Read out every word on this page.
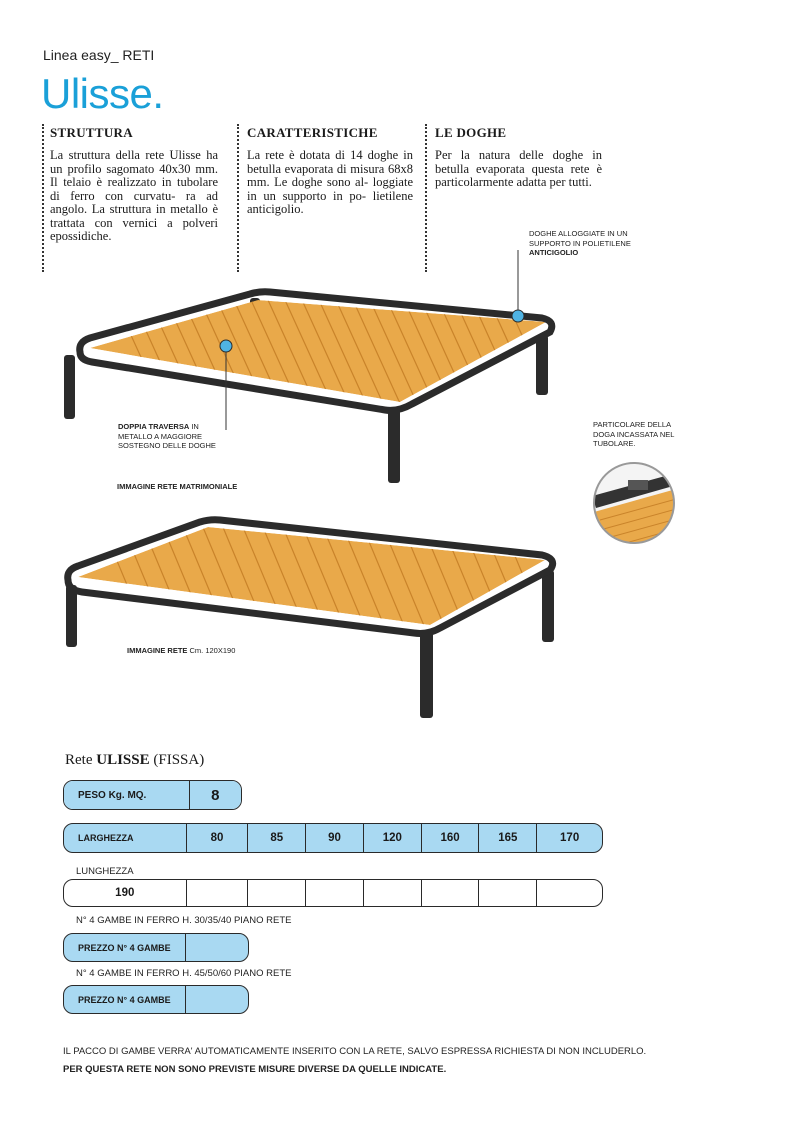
Linea easy_ RETI
Ulisse.
STRUTTURA

La struttura della rete Ulisse ha un profilo sagomato 40x30 mm. Il telaio è realizzato in tubolare di ferro con curvatu- ra ad angolo. La struttura in metallo è trattata con vernici a polveri epossidiche.

CARATTERISTICHE

La rete è dotata di 14 doghe in betulla evaporata di misura 68x8 mm. Le doghe sono al- loggiate in un supporto in po- lietilene anticigolio.

LE DOGHE

Per la natura delle doghe in betulla evaporata questa rete è particolarmente adatta per tutti.

DOGHE ALLOGGIATE IN UN
SUPPORTO IN POLIETILENE
ANTICIGOLIO
DOPPIA TRAVERSA IN
METALLO A MAGGIORE
SOSTEGNO DELLE DOGHE
PARTICOLARE DELLA
DOGA INCASSATA NEL
TUBOLARE.
IMMAGINE RETE MATRIMONIALE
IMMAGINE RETE Cm. 120X190
Rete ULISSE (FISSA)
PESO Kg. MQ.	8
LARGHEZZA	80	85	90	120	160	165	170
LUNGHEZZA
190
N° 4 GAMBE IN FERRO H. 30/35/40 PIANO RETE
PREZZO N° 4 GAMBE
N° 4 GAMBE IN FERRO H. 45/50/60 PIANO RETE
PREZZO N° 4 GAMBE
IL PACCO DI GAMBE VERRA' AUTOMATICAMENTE INSERITO CON LA RETE, SALVO ESPRESSA RICHIESTA DI NON INCLUDERLO.
PER QUESTA RETE NON SONO PREVISTE MISURE DIVERSE DA QUELLE INDICATE.
